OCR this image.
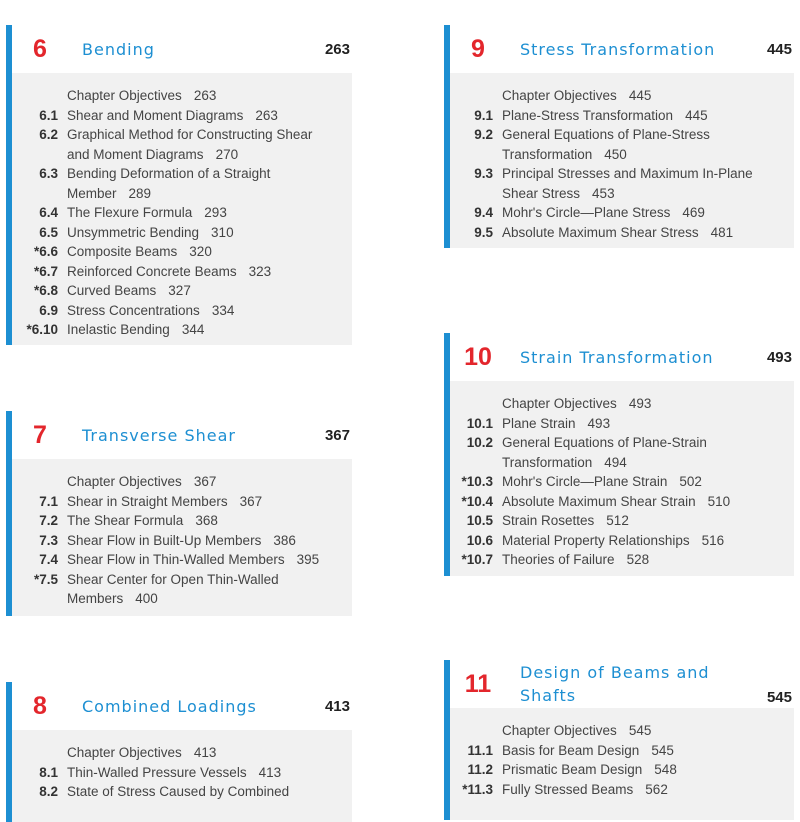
6	Bending	263
Chapter Objectives 263
6.1 Shear and Moment Diagrams 263
6.2 Graphical Method for Constructing Shear
and Moment Diagrams 270
6.3 Bending Deformation of a Straight
Member 289
6.4 The Flexure Formula 293
6.5 Unsymmetric Bending 310
*6.6 Composite Beams 320
*6.7 Reinforced Concrete Beams 323
*6.8 Curved Beams 327
6.9 Stress Concentrations 334
*6.10 Inelastic Bending 344
7	Transverse Shear	367
Chapter Objectives 367
7.1 Shear in Straight Members 367
7.2 The Shear Formula 368
7.3 Shear Flow in Built-Up Members 386
7.4 Shear Flow in Thin-Walled Members 395
*7.5 Shear Center for Open Thin-Walled
Members 400
8	Combined Loadings	413
Chapter Objectives 413
8.1 Thin-Walled Pressure Vessels 413
8.2 State of Stress Caused by Combined
9	Stress Transformation	445
Chapter Objectives 445
9.1 Plane-Stress Transformation 445
9.2 General Equations of Plane-Stress
Transformation 450
9.3 Principal Stresses and Maximum In-Plane
Shear Stress 453
9.4 Mohr's Circle—Plane Stress 469
9.5 Absolute Maximum Shear Stress 481
10	Strain Transformation	493
Chapter Objectives 493
10.1 Plane Strain 493
10.2 General Equations of Plane-Strain
Transformation 494
*10.3 Mohr's Circle—Plane Strain 502
*10.4 Absolute Maximum Shear Strain 510
10.5 Strain Rosettes 512
10.6 Material Property Relationships 516
*10.7 Theories of Failure 528
11	Design of Beams and
Shafts	545
Chapter Objectives 545
11.1 Basis for Beam Design 545
11.2 Prismatic Beam Design 548
*11.3 Fully Stressed Beams 562
